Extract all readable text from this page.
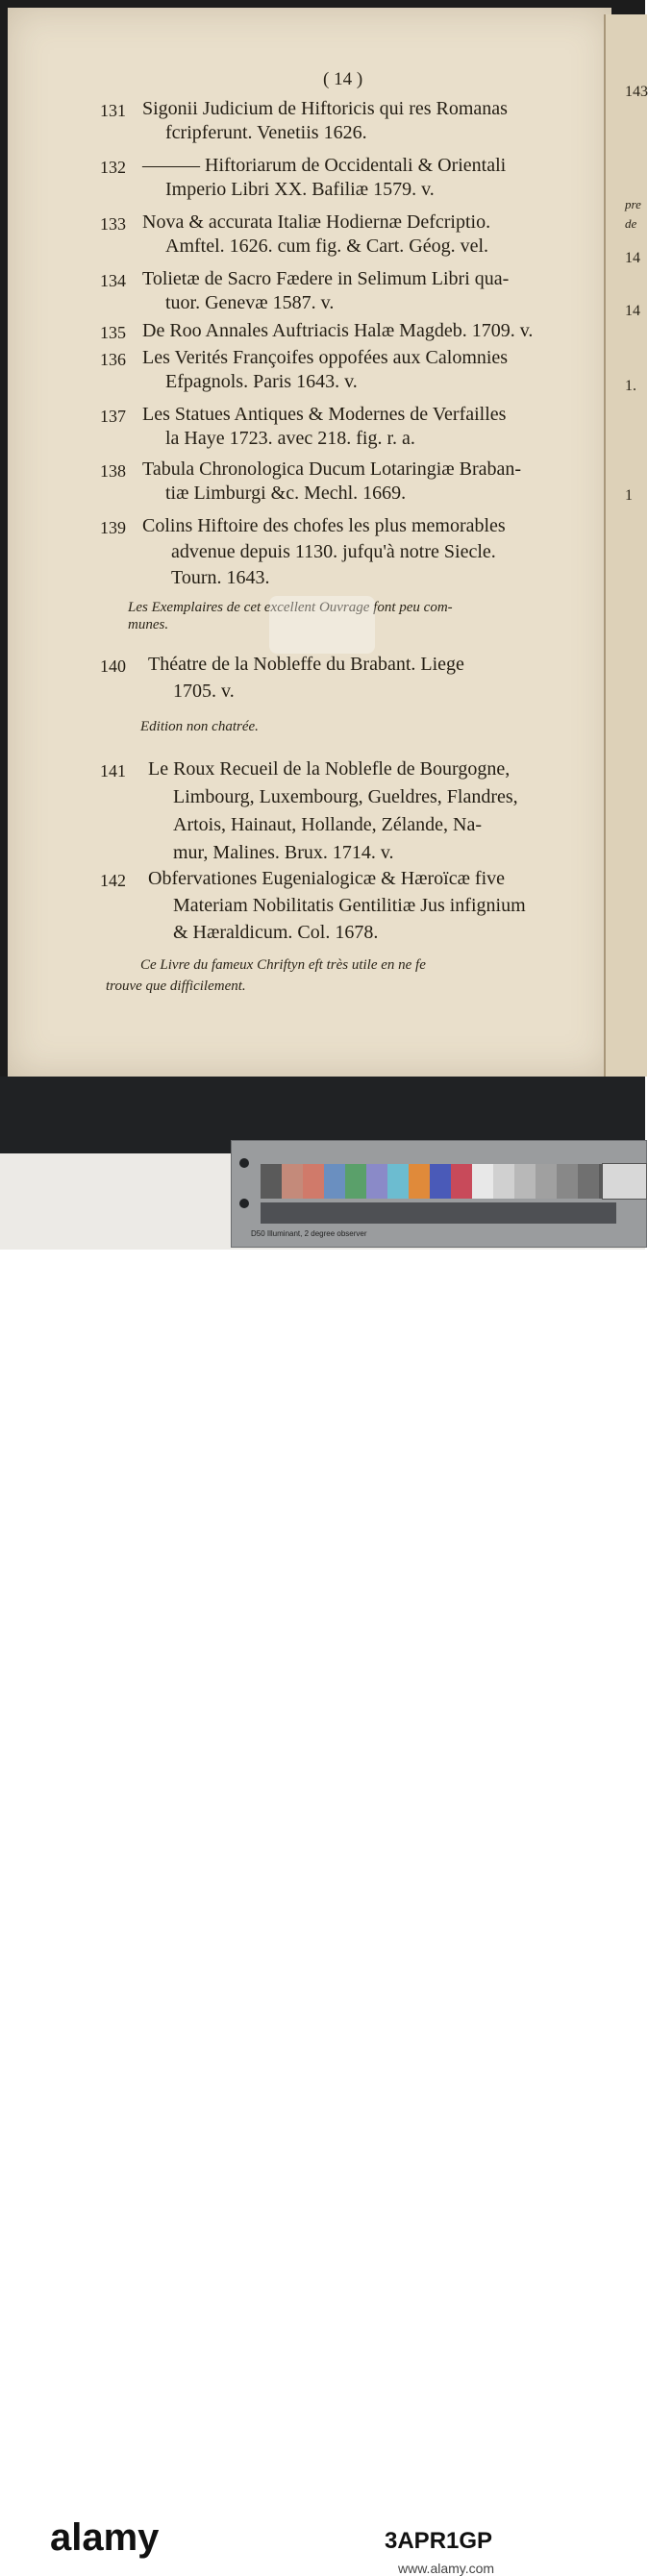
143
pre
de
14
14
1.
1
( 14 )
131 Sigonii Judicium de Hiftoricis qui res Romanas
fcripferunt. Venetiis 1626.
132 ——— Hiftoriarum de Occidentali & Orientali
Imperio Libri XX. Bafiliæ 1579. v.
133 Nova & accurata Italiæ Hodiernæ Defcriptio.
Amftel. 1626. cum fig. & Cart. Géog. vel.
134 Tolietæ de Sacro Fædere in Selimum Libri qua-
tuor. Genevæ 1587. v.
135 De Roo Annales Auftriacis Halæ Magdeb. 1709. v.
136 Les Verités Françoifes oppofées aux Calomnies
Efpagnols. Paris 1643. v.
137 Les Statues Antiques & Modernes de Verfailles
la Haye 1723. avec 218. fig. r. a.
138 Tabula Chronologica Ducum Lotaringiæ Braban-
tiæ Limburgi &c. Mechl. 1669.
139 Colins Hiftoire des chofes les plus memorables
advenue depuis 1130. jufqu'à notre Siecle.
Tourn. 1643.
Les Exemplaires de cet excellent Ouvrage font peu com-
munes.
140 Théatre de la Nobleffe du Brabant. Liege
1705. v.
Edition non chatrée.
141 Le Roux Recueil de la Noblefle de Bourgogne,
Limbourg, Luxembourg, Gueldres, Flandres,
Artois, Hainaut, Hollande, Zélande, Na-
mur, Malines. Brux. 1714. v.
142 Obfervationes Eugenialogicæ & Hæroïcæ five
Materiam Nobilitatis Gentilitiæ Jus infignium
& Hæraldicum. Col. 1678.
Ce Livre du fameux Chriftyn eft très utile en ne fe
trouve que difficilement.
D50 Illuminant, 2 degree observer
alamy	3APR1GP
www.alamy.com
